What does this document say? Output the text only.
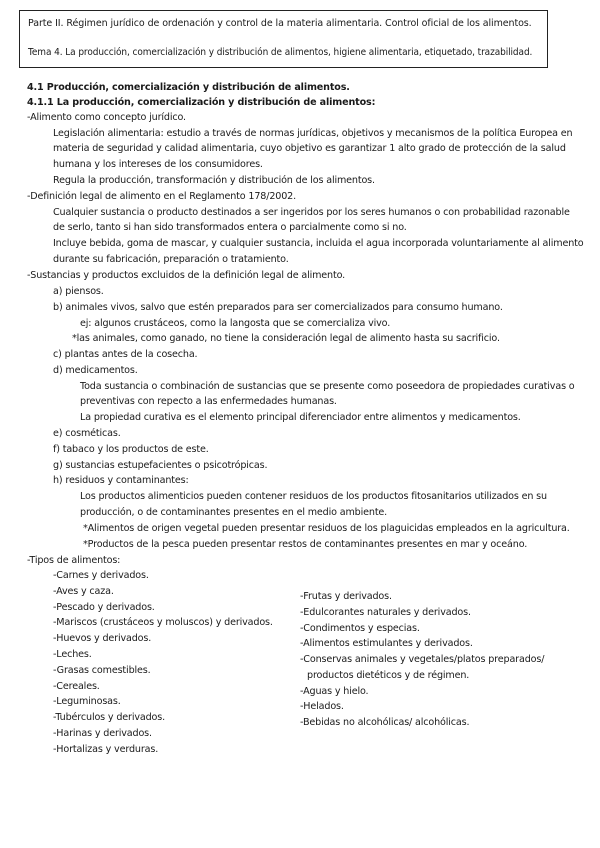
Parte II. Régimen jurídico de ordenación y control de la materia alimentaria. Control oficial de los alimentos.
Tema 4. La producción, comercialización y distribución de alimentos, higiene alimentaria, etiquetado, trazabilidad.
4.1 Producción, comercialización y distribución de alimentos.
4.1.1 La producción, comercialización y distribución de alimentos:
-Alimento como concepto jurídico.
Legislación alimentaria: estudio a través de normas jurídicas, objetivos y mecanismos de la política Europea en
materia de seguridad y calidad alimentaria, cuyo objetivo es garantizar 1 alto grado de protección de la salud
humana y los intereses de los consumidores.
Regula la producción, transformación y distribución de los alimentos.
-Definición legal de alimento en el Reglamento 178/2002.
Cualquier sustancia o producto destinados a ser ingeridos por los seres humanos o con probabilidad razonable
de serlo, tanto si han sido transformados entera o parcialmente como si no.
Incluye bebida, goma de mascar, y cualquier sustancia, incluida el agua incorporada voluntariamente al alimento
durante su fabricación, preparación o tratamiento.
-Sustancias y productos excluidos de la definición legal de alimento.
a) piensos.
b) animales vivos, salvo que estén preparados para ser comercializados para consumo humano.
ej: algunos crustáceos, como la langosta que se comercializa vivo.
*las animales, como ganado, no tiene la consideración legal de alimento hasta su sacrificio.
c) plantas antes de la cosecha.
d) medicamentos.
Toda sustancia o combinación de sustancias que se presente como poseedora de propiedades curativas o
preventivas con repecto a las enfermedades humanas.
La propiedad curativa es el elemento principal diferenciador entre alimentos y medicamentos.
e) cosméticas.
f) tabaco y los productos de este.
g) sustancias estupefacientes o psicotrópicas.
h) residuos y contaminantes:
Los productos alimenticios pueden contener residuos de los productos fitosanitarios utilizados en su
producción, o de contaminantes presentes en el medio ambiente.
*Alimentos de origen vegetal pueden presentar residuos de los plaguicidas empleados en la agricultura.
*Productos de la pesca pueden presentar restos de contaminantes presentes en mar y oceáno.
-Tipos de alimentos:
-Carnes y derivados.
-Aves y caza.
-Pescado y derivados.
-Mariscos (crustáceos y moluscos) y derivados.
-Huevos y derivados.
-Leches.
-Grasas comestibles.
-Cereales.
-Leguminosas.
-Tubérculos y derivados.
-Harinas y derivados.
-Hortalizas y verduras.
-Frutas y derivados.
-Edulcorantes naturales y derivados.
-Condimentos y especias.
-Alimentos estimulantes y derivados.
-Conservas animales y vegetales/platos preparados/
productos dietéticos y de régimen.
-Aguas y hielo.
-Helados.
-Bebidas no alcohólicas/ alcohólicas.
